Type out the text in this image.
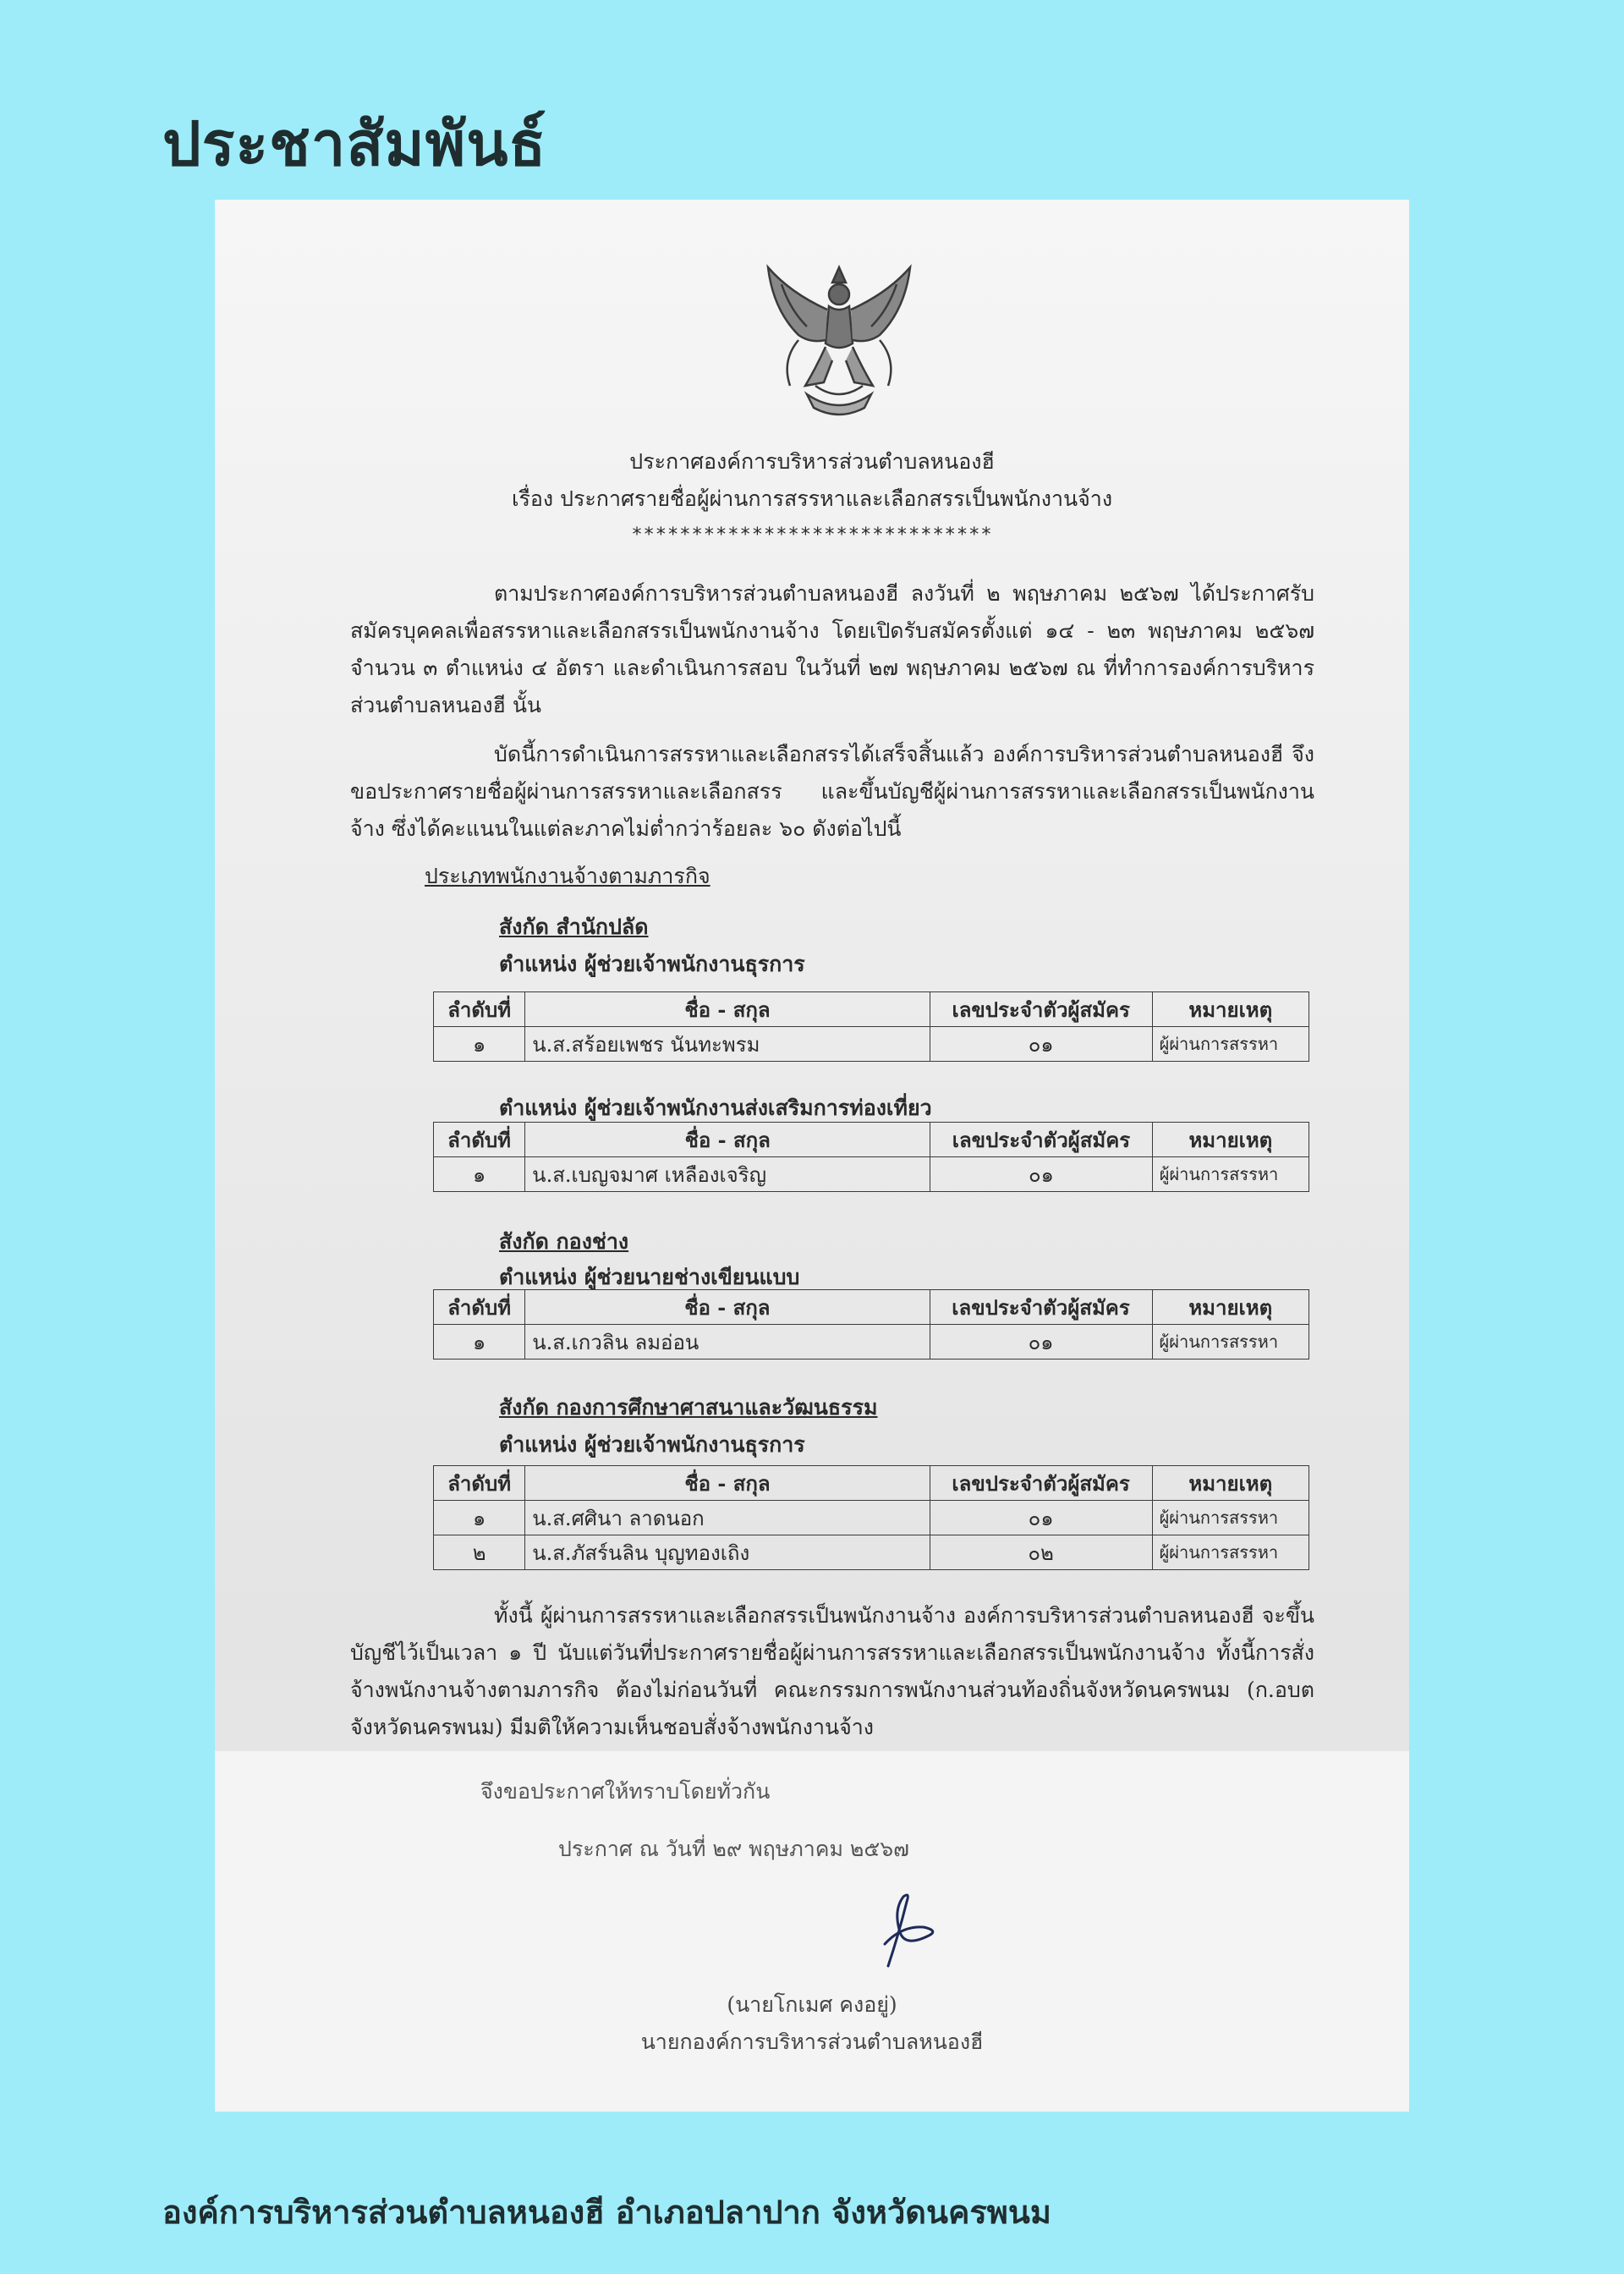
ประชาสัมพันธ์
ประกาศองค์การบริหารส่วนตำบลหนองฮี
เรื่อง ประกาศรายชื่อผู้ผ่านการสรรหาและเลือกสรรเป็นพนักงานจ้าง
******************************
ตามประกาศองค์การบริหารส่วนตำบลหนองฮี ลงวันที่ ๒ พฤษภาคม ๒๕๖๗ ได้ประกาศรับสมัครบุคคลเพื่อสรรหาและเลือกสรรเป็นพนักงานจ้าง โดยเปิดรับสมัครตั้งแต่ ๑๔ - ๒๓ พฤษภาคม ๒๕๖๗ จำนวน ๓ ตำแหน่ง ๔ อัตรา และดำเนินการสอบ ในวันที่ ๒๗ พฤษภาคม ๒๕๖๗ ณ ที่ทำการองค์การบริหารส่วนตำบลหนองฮี นั้น
บัดนี้การดำเนินการสรรหาและเลือกสรรได้เสร็จสิ้นแล้ว องค์การบริหารส่วนตำบลหนองฮี จึงขอประกาศรายชื่อผู้ผ่านการสรรหาและเลือกสรร และขึ้นบัญชีผู้ผ่านการสรรหาและเลือกสรรเป็นพนักงานจ้าง ซึ่งได้คะแนนในแต่ละภาคไม่ต่ำกว่าร้อยละ ๖๐ ดังต่อไปนี้
ประเภทพนักงานจ้างตามภารกิจ
สังกัด สำนักปลัด
ตำแหน่ง ผู้ช่วยเจ้าพนักงานธุรการ
ลำดับที่	ชื่อ - สกุล	เลขประจำตัวผู้สมัคร	หมายเหตุ
๑	น.ส.สร้อยเพชร นันทะพรม	๐๑	ผู้ผ่านการสรรหา
ตำแหน่ง ผู้ช่วยเจ้าพนักงานส่งเสริมการท่องเที่ยว
ลำดับที่	ชื่อ - สกุล	เลขประจำตัวผู้สมัคร	หมายเหตุ
๑	น.ส.เบญจมาศ เหลืองเจริญ	๐๑	ผู้ผ่านการสรรหา
สังกัด กองช่าง
ตำแหน่ง ผู้ช่วยนายช่างเขียนแบบ
ลำดับที่	ชื่อ - สกุล	เลขประจำตัวผู้สมัคร	หมายเหตุ
๑	น.ส.เกวลิน ลมอ่อน	๐๑	ผู้ผ่านการสรรหา
สังกัด กองการศึกษาศาสนาและวัฒนธรรม
ตำแหน่ง ผู้ช่วยเจ้าพนักงานธุรการ
ลำดับที่	ชื่อ - สกุล	เลขประจำตัวผู้สมัคร	หมายเหตุ
๑	น.ส.ศศินา ลาดนอก	๐๑	ผู้ผ่านการสรรหา
๒	น.ส.ภัสร์นลิน บุญทองเถิง	๐๒	ผู้ผ่านการสรรหา
ทั้งนี้ ผู้ผ่านการสรรหาและเลือกสรรเป็นพนักงานจ้าง องค์การบริหารส่วนตำบลหนองฮี จะขึ้นบัญชีไว้เป็นเวลา ๑ ปี นับแต่วันที่ประกาศรายชื่อผู้ผ่านการสรรหาและเลือกสรรเป็นพนักงานจ้าง ทั้งนี้การสั่งจ้างพนักงานจ้างตามภารกิจ ต้องไม่ก่อนวันที่ คณะกรรมการพนักงานส่วนท้องถิ่นจังหวัดนครพนม (ก.อบต จังหวัดนครพนม) มีมติให้ความเห็นชอบสั่งจ้างพนักงานจ้าง
จึงขอประกาศให้ทราบโดยทั่วกัน
ประกาศ ณ วันที่ ๒๙ พฤษภาคม ๒๕๖๗
(นายโกเมศ คงอยู่)
นายกองค์การบริหารส่วนตำบลหนองฮี
องค์การบริหารส่วนตำบลหนองฮี อำเภอปลาปาก จังหวัดนครพนม
